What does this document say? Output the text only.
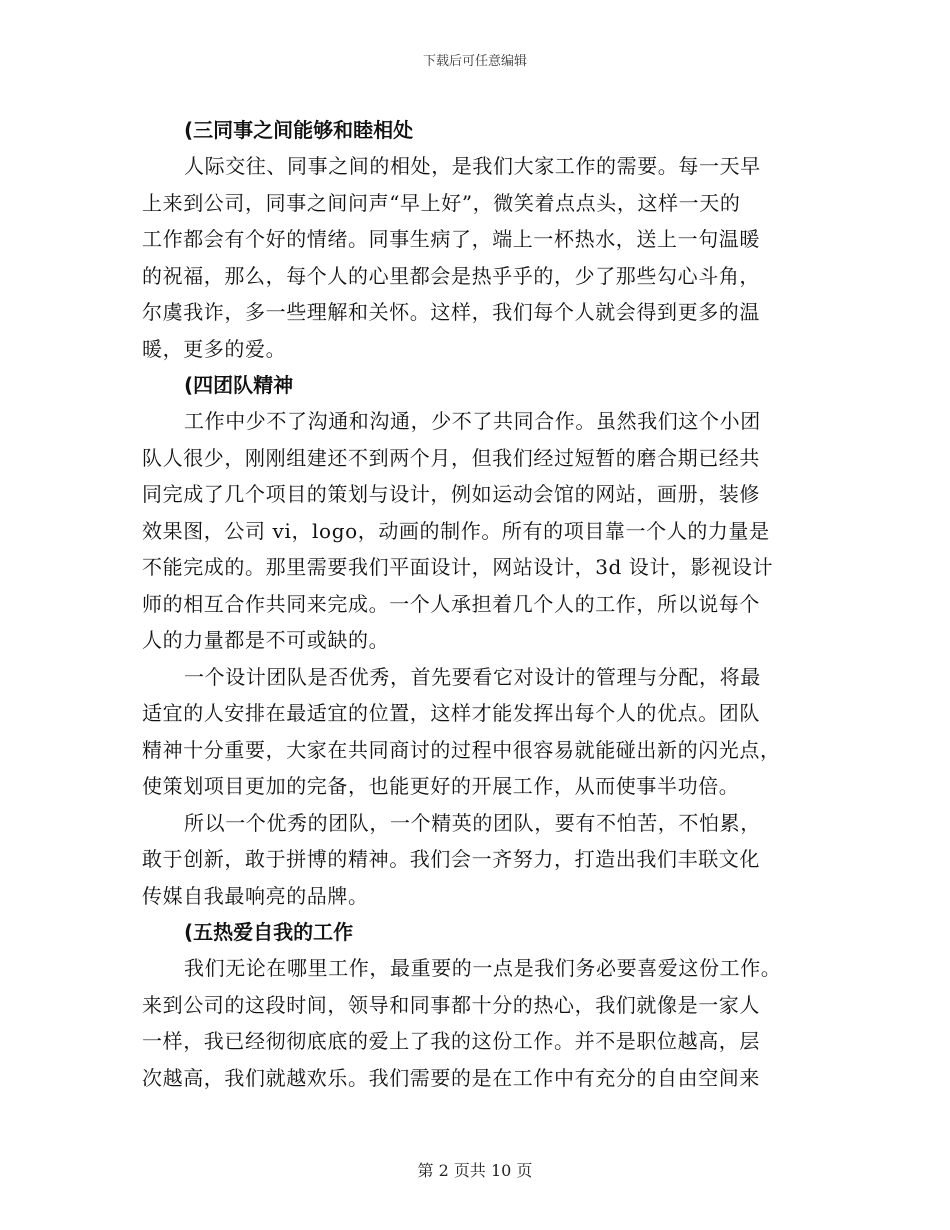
下载后可任意编辑
(三同事之间能够和睦相处
人际交往、同事之间的相处，是我们大家工作的需要。每一天早
上来到公司，同事之间问声“早上好”，微笑着点点头，这样一天的
工作都会有个好的情绪。同事生病了，端上一杯热水，送上一句温暖
的祝福，那么，每个人的心里都会是热乎乎的，少了那些勾心斗角，
尔虞我诈，多一些理解和关怀。这样，我们每个人就会得到更多的温
暖，更多的爱。
(四团队精神
工作中少不了沟通和沟通，少不了共同合作。虽然我们这个小团
队人很少，刚刚组建还不到两个月，但我们经过短暂的磨合期已经共
同完成了几个项目的策划与设计，例如运动会馆的网站，画册，装修
效果图，公司 vi，logo，动画的制作。所有的项目靠一个人的力量是
不能完成的。那里需要我们平面设计，网站设计，3d 设计，影视设计
师的相互合作共同来完成。一个人承担着几个人的工作，所以说每个
人的力量都是不可或缺的。
一个设计团队是否优秀，首先要看它对设计的管理与分配，将最
适宜的人安排在最适宜的位置，这样才能发挥出每个人的优点。团队
精神十分重要，大家在共同商讨的过程中很容易就能碰出新的闪光点，
使策划项目更加的完备，也能更好的开展工作，从而使事半功倍。
所以一个优秀的团队，一个精英的团队，要有不怕苦，不怕累，
敢于创新，敢于拼博的精神。我们会一齐努力，打造出我们丰联文化
传媒自我最响亮的品牌。
(五热爱自我的工作
我们无论在哪里工作，最重要的一点是我们务必要喜爱这份工作。
来到公司的这段时间，领导和同事都十分的热心，我们就像是一家人
一样，我已经彻彻底底的爱上了我的这份工作。并不是职位越高，层
次越高，我们就越欢乐。我们需要的是在工作中有充分的自由空间来
第 2 页共 10 页
